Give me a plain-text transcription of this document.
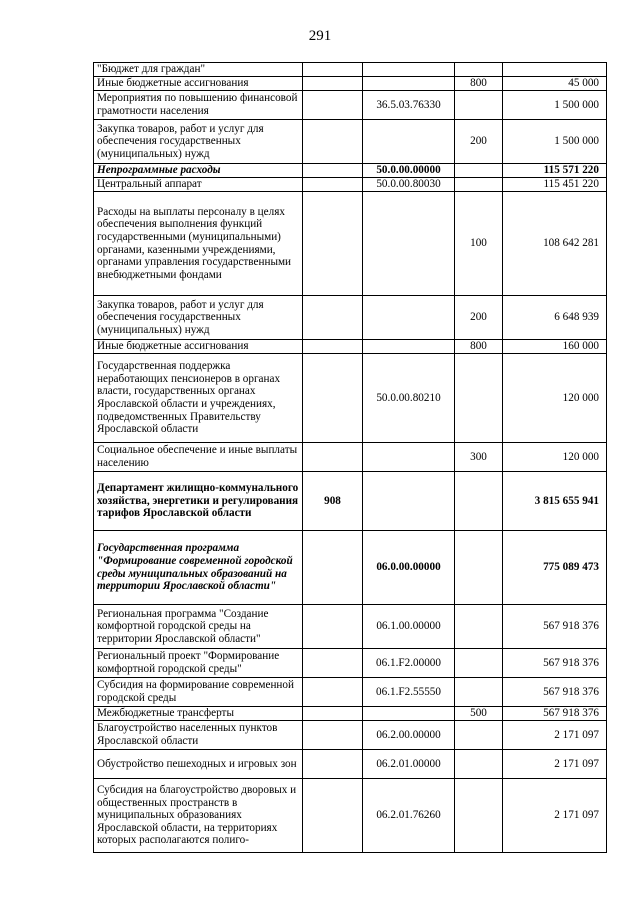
291
"Бюджет для граждан"				
Иные бюджетные ассигнования			800	45 000
Мероприятия по повышению финансовой грамотности населения		36.5.03.76330		1 500 000
Закупка товаров, работ и услуг для обеспечения государственных (муниципальных) нужд			200	1 500 000
Непрограммные расходы		50.0.00.00000		115 571 220
Центральный аппарат		50.0.00.80030		115 451 220
Расходы на выплаты персоналу в целях обеспечения выполнения функций государственными (муниципальными) органами, казенными учреждениями, органами управления государственными внебюджетными фондами			100	108 642 281
Закупка товаров, работ и услуг для обеспечения государственных (муниципальных) нужд			200	6 648 939
Иные бюджетные ассигнования			800	160 000
Государственная поддержка неработающих пенсионеров в органах власти, государственных органах Ярославской области и учреждениях, подведомственных Правительству Ярославской области		50.0.00.80210		120 000
Социальное обеспечение и иные выплаты населению			300	120 000
Департамент жилищно-коммунального хозяйства, энергетики и регулирования тарифов Ярославской области	908			3 815 655 941
Государственная программа "Формирование современной городской среды муниципальных образований на территории Ярославской области"		06.0.00.00000		775 089 473
Региональная программа "Создание комфортной городской среды на территории Ярославской области"		06.1.00.00000		567 918 376
Региональный проект "Формирование комфортной городской среды"		06.1.F2.00000		567 918 376
Субсидия на формирование современной городской среды		06.1.F2.55550		567 918 376
Межбюджетные трансферты			500	567 918 376
Благоустройство населенных пунктов Ярославской области		06.2.00.00000		2 171 097
Обустройство пешеходных и игровых зон		06.2.01.00000		2 171 097
Субсидия на благоустройство дворовых и общественных пространств в муниципальных образованиях Ярославской области, на территориях которых располагаются полиго-		06.2.01.76260		2 171 097
